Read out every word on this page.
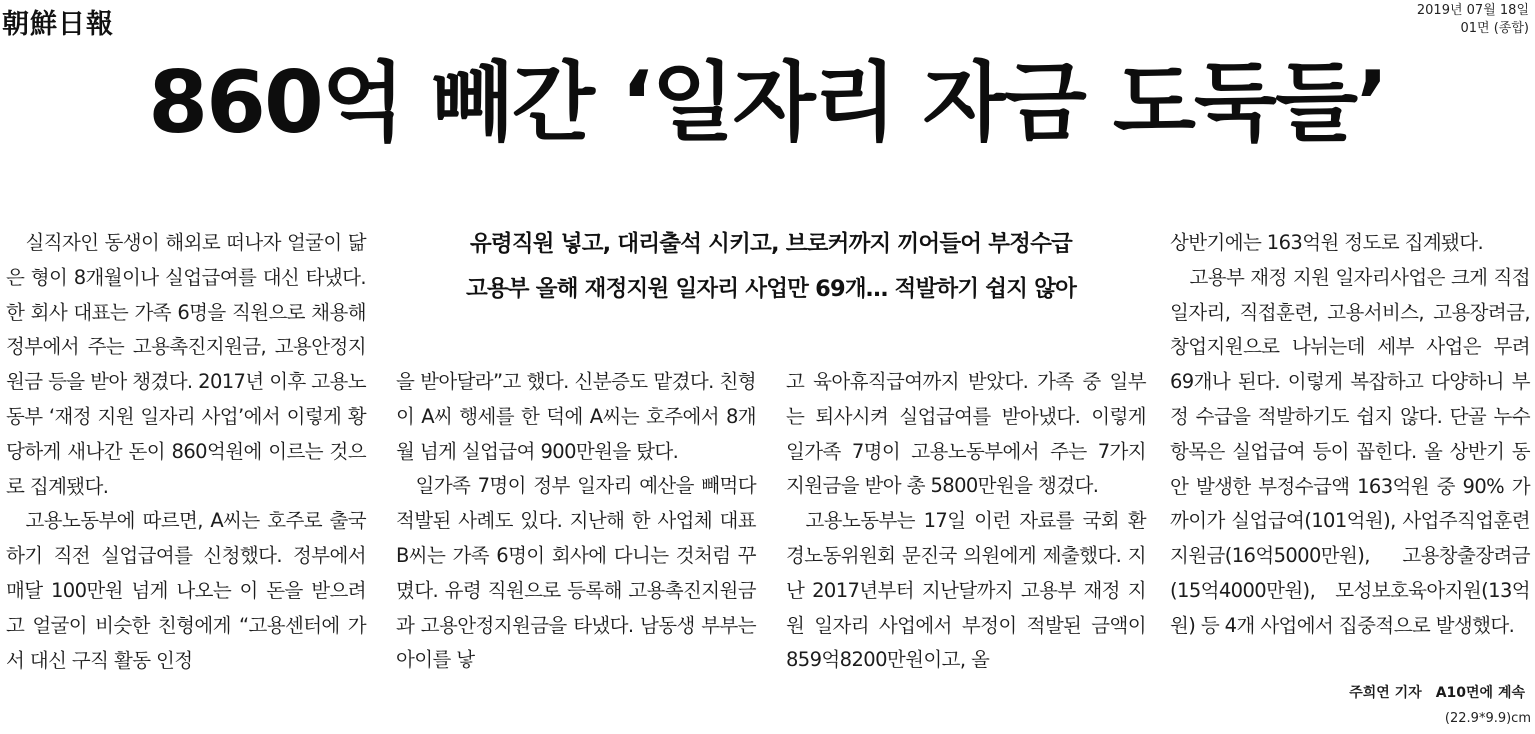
朝鮮日報	2019년 07월 18일
01면 (종합)
860억 빼간 ‘일자리 자금 도둑들’

실직자인 동생이 해외로 떠나자 얼굴이 닮은 형이 8개월이나 실업급여를 대신 타냈다. 한 회사 대표는 가족 6명을 직원으로 채용해 정부에서 주는 고용촉진지원금, 고용안정지원금 등을 받아 챙겼다. 2017년 이후 고용노동부 ‘재정 지원 일자리 사업’에서 이렇게 황당하게 새나간 돈이 860억원에 이르는 것으로 집계됐다.

고용노동부에 따르면, A씨는 호주로 출국하기 직전 실업급여를 신청했다. 정부에서 매달 100만원 넘게 나오는 이 돈을 받으려고 얼굴이 비슷한 친형에게 “고용센터에 가서 대신 구직 활동 인정

유령직원 넣고, 대리출석 시키고, 브로커까지 끼어들어 부정수급
고용부 올해 재정지원 일자리 사업만 69개… 적발하기 쉽지 않아

을 받아달라”고 했다. 신분증도 맡겼다. 친형이 A씨 행세를 한 덕에 A씨는 호주에서 8개월 넘게 실업급여 900만원을 탔다.

일가족 7명이 정부 일자리 예산을 빼먹다 적발된 사례도 있다. 지난해 한 사업체 대표 B씨는 가족 6명이 회사에 다니는 것처럼 꾸몄다. 유령 직원으로 등록해 고용촉진지원금과 고용안정지원금을 타냈다. 남동생 부부는 아이를 낳

고 육아휴직급여까지 받았다. 가족 중 일부는 퇴사시켜 실업급여를 받아냈다. 이렇게 일가족 7명이 고용노동부에서 주는 7가지 지원금을 받아 총 5800만원을 챙겼다.

고용노동부는 17일 이런 자료를 국회 환경노동위원회 문진국 의원에게 제출했다. 지난 2017년부터 지난달까지 고용부 재정 지원 일자리 사업에서 부정이 적발된 금액이 859억8200만원이고, 올

상반기에는 163억원 정도로 집계됐다.

고용부 재정 지원 일자리사업은 크게 직접일자리, 직접훈련, 고용서비스, 고용장려금, 창업지원으로 나뉘는데 세부 사업은 무려 69개나 된다. 이렇게 복잡하고 다양하니 부정 수급을 적발하기도 쉽지 않다. 단골 누수 항목은 실업급여 등이 꼽힌다. 올 상반기 동안 발생한 부정수급액 163억원 중 90% 가까이가 실업급여(101억원), 사업주직업훈련지원금(16억5000만원), 고용창출장려금(15억4000만원), 모성보호육아지원(13억원) 등 4개 사업에서 집중적으로 발생했다.

주희연 기자 A10면에 계속
(22.9*9.9)cm
